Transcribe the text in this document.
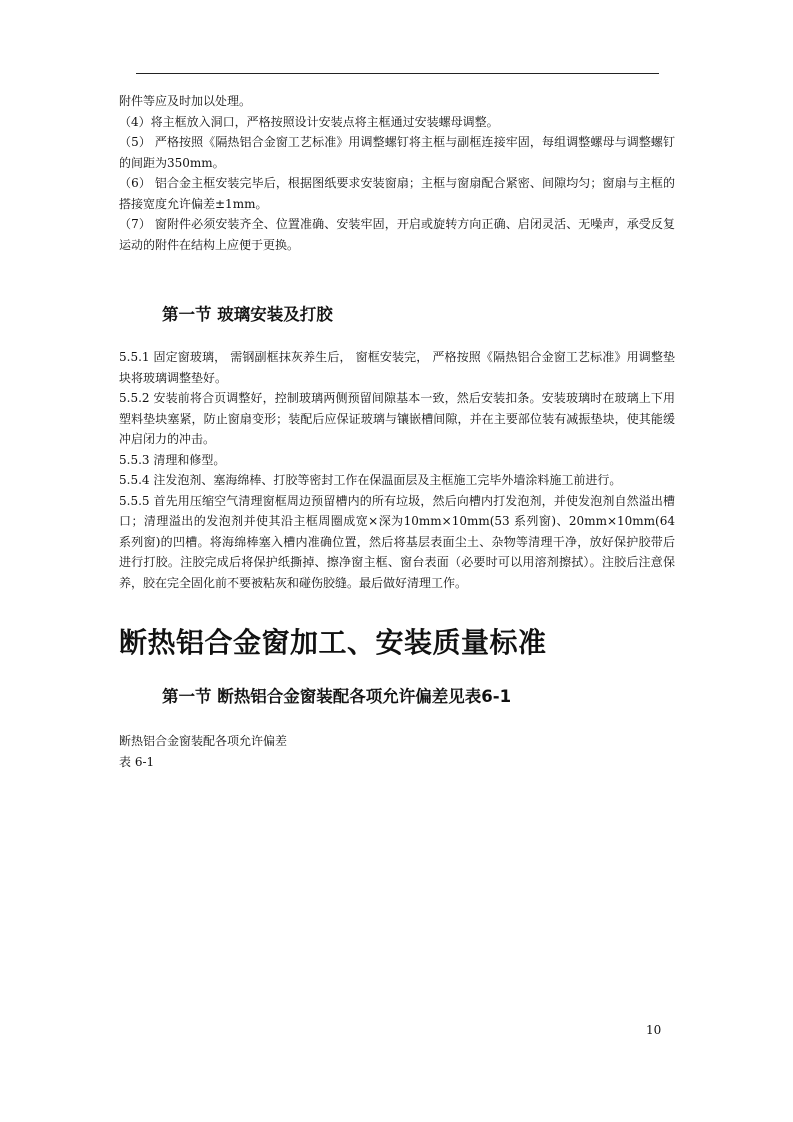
附件等应及时加以处理。

（4）将主框放入洞口，严格按照设计安装点将主框通过安装螺母调整。

（5） 严格按照《隔热铝合金窗工艺标准》用调整螺钉将主框与副框连接牢固，每组调整螺母与调整螺钉的间距为350mm。

（6） 铝合金主框安装完毕后，根据图纸要求安装窗扇；主框与窗扇配合紧密、间隙均匀；窗扇与主框的搭接宽度允许偏差±1mm。

（7） 窗附件必须安装齐全、位置准确、安装牢固，开启或旋转方向正确、启闭灵活、无噪声，承受反复运动的附件在结构上应便于更换。

第一节 玻璃安装及打胶

5.5.1 固定窗玻璃， 需钢副框抹灰养生后， 窗框安装完， 严格按照《隔热铝合金窗工艺标准》用调整垫块将玻璃调整垫好。

5.5.2 安装前将合页调整好，控制玻璃两侧预留间隙基本一致，然后安装扣条。安装玻璃时在玻璃上下用塑料垫块塞紧，防止窗扇变形；装配后应保证玻璃与镶嵌槽间隙，并在主要部位装有减振垫块，使其能缓冲启闭力的冲击。

5.5.3 清理和修型。

5.5.4 注发泡剂、塞海绵棒、打胶等密封工作在保温面层及主框施工完毕外墙涂料施工前进行。

5.5.5 首先用压缩空气清理窗框周边预留槽内的所有垃圾，然后向槽内打发泡剂，并使发泡剂自然溢出槽口；清理溢出的发泡剂并使其沿主框周圈成宽×深为10mm×10mm(53 系列窗)、20mm×10mm(64 系列窗)的凹槽。将海绵棒塞入槽内准确位置，然后将基层表面尘土、杂物等清理干净，放好保护胶带后进行打胶。注胶完成后将保护纸撕掉、擦净窗主框、窗台表面（必要时可以用溶剂擦拭）。注胶后注意保养，胶在完全固化前不要被粘灰和碰伤胶缝。最后做好清理工作。

断热铝合金窗加工、安装质量标准
第一节 断热铝合金窗装配各项允许偏差见表6-1

断热铝合金窗装配各项允许偏差

表 6-1

10
